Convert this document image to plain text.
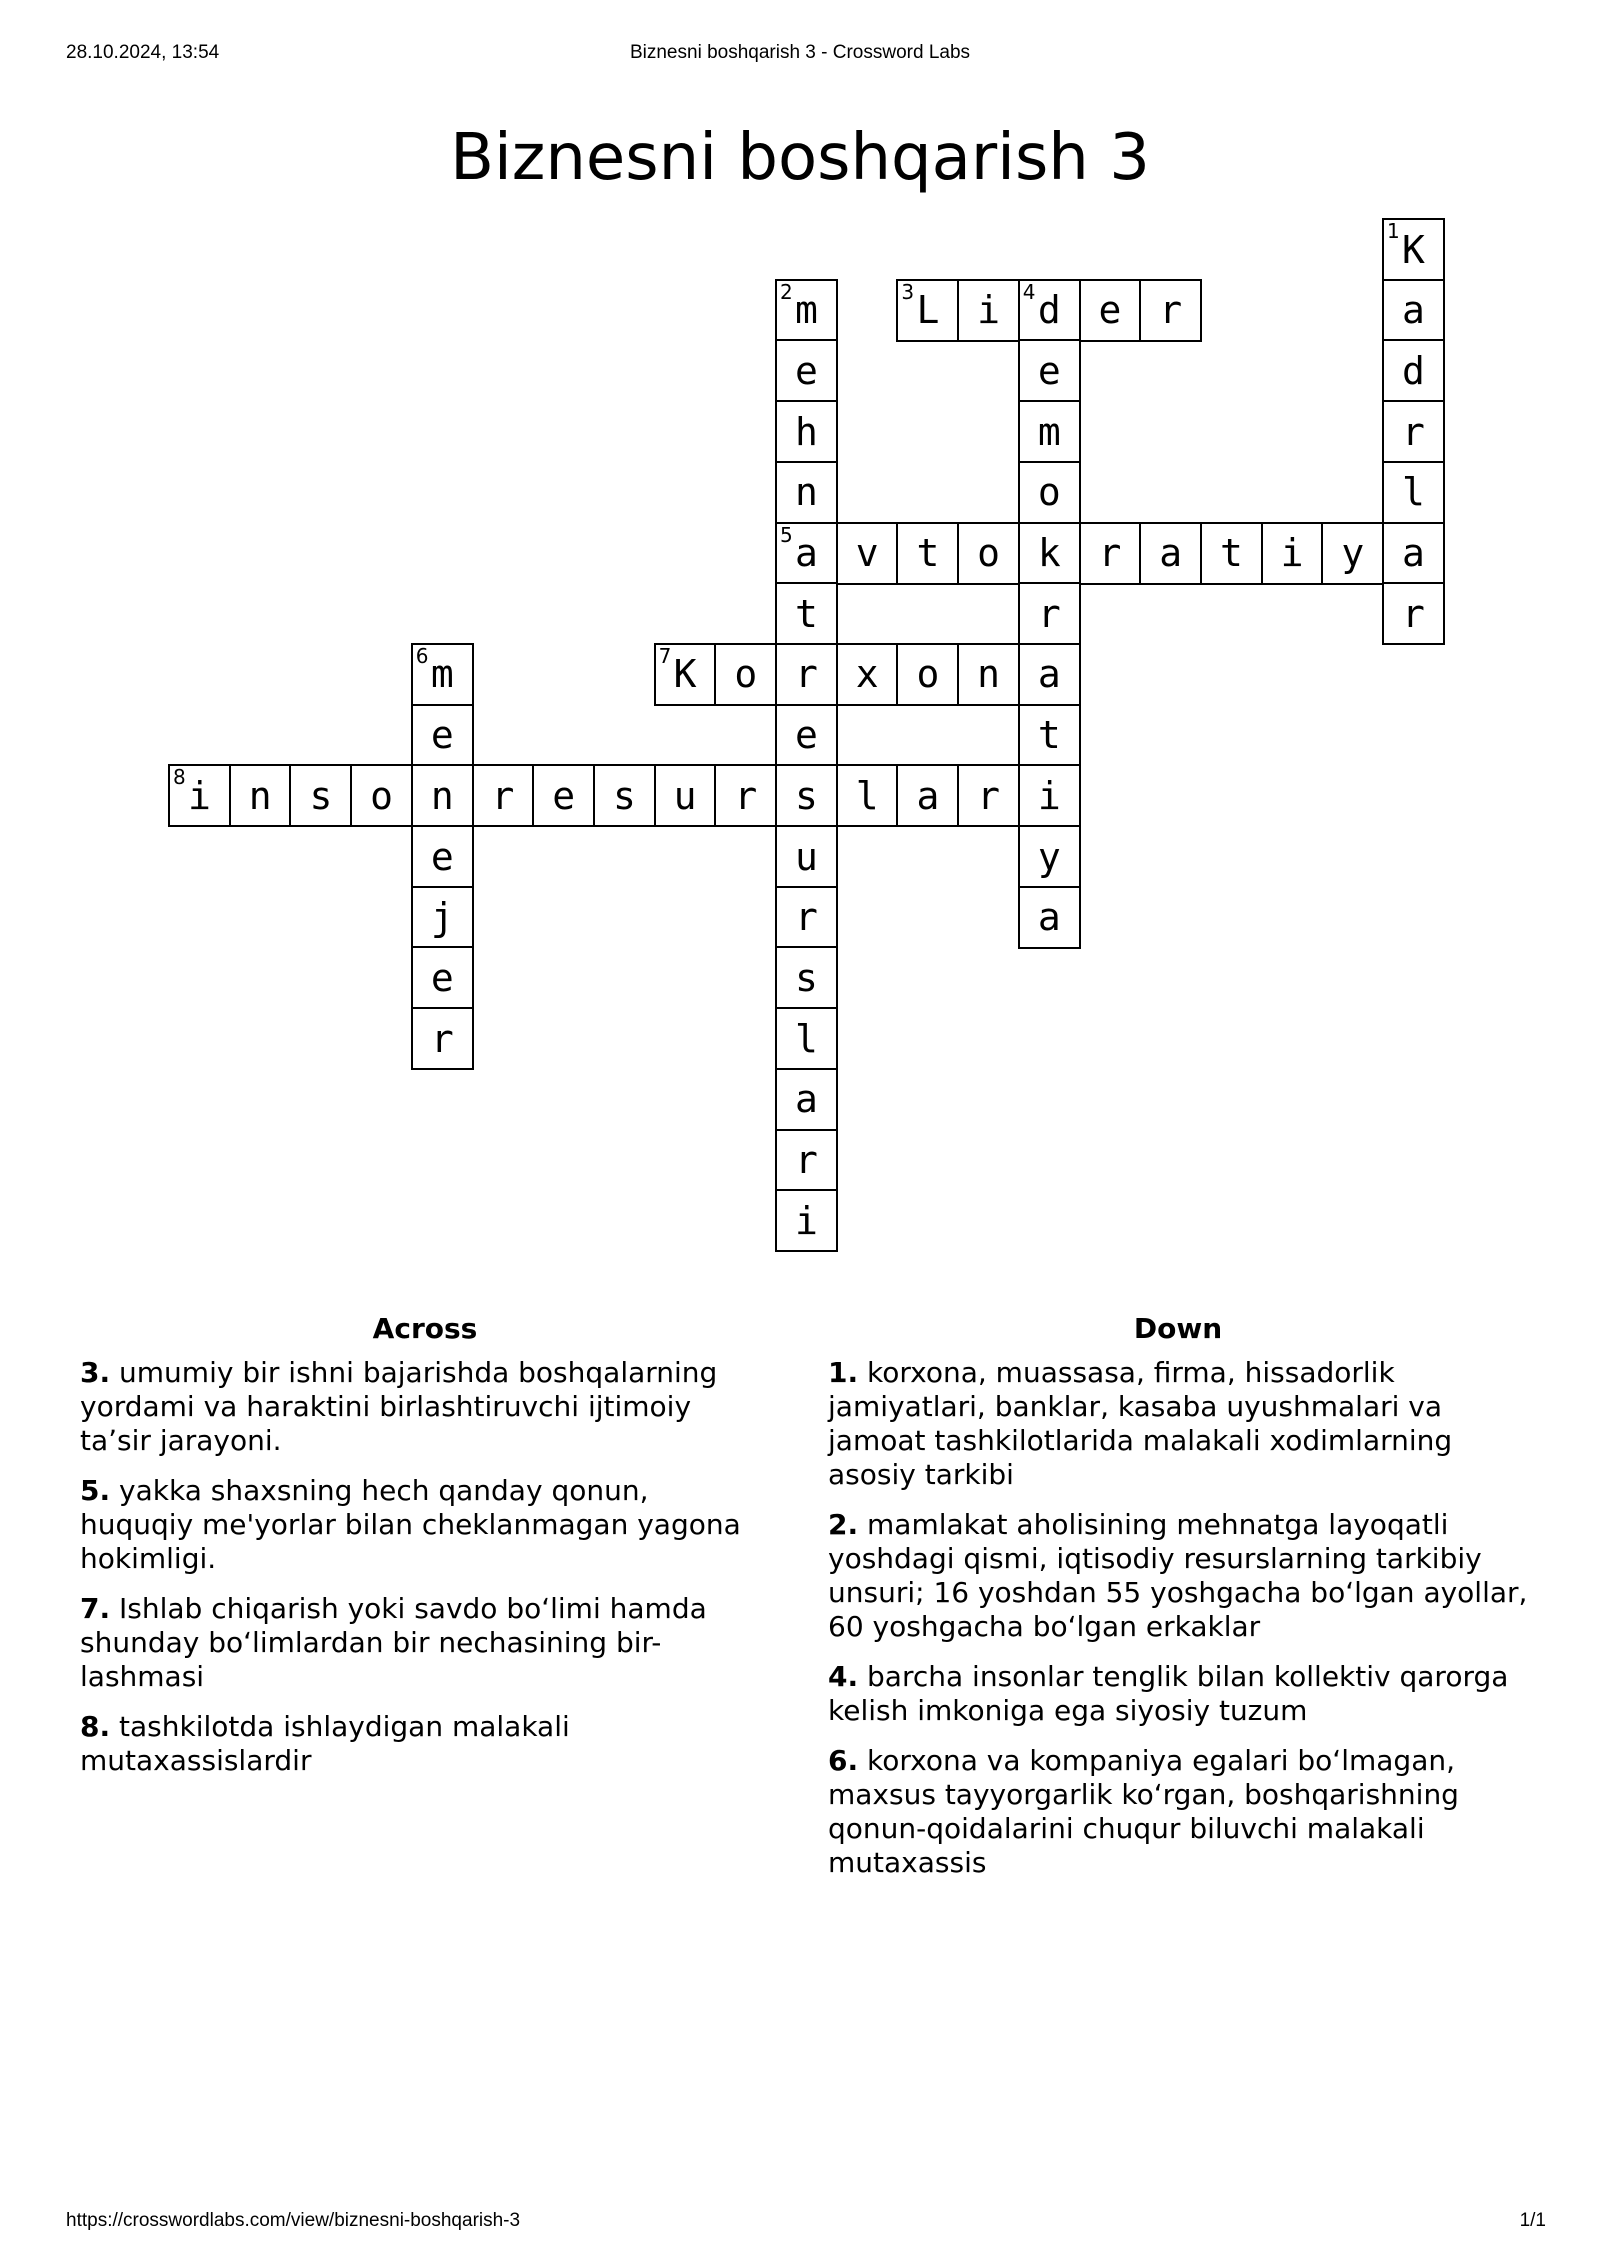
28.10.2024, 13:54	Biznesni boshqarish 3 - Crossword Labs
Biznesni boshqarish 3
K
1
a
d
r
l
a
r
m
2
e
h
n
a
5
t
r
e
s
u
r
s
l
a
r
i
L
3 i d
4 e r
e
m
o
k
r
a
t
i
y
a
v t o	r a t i y
m
6
e
n
e
j
e
r
K
7 o	x o n
i
8 n s o	r e s u r	l a r
Across
3. umumiy bir ishni bajarishda boshqalarning yordami va haraktini birlashtiruvchi ijtimoiy taʼsir jarayoni.
5. yakka shaxsning hech qanday qonun, huquqiy me'yorlar bilan cheklanmagan yagona hokimligi.
7. Ishlab chiqarish yoki savdo boʻlimi hamda shunday boʻlimlardan bir nechasining bir-lashmasi
8. tashkilotda ishlaydigan malakali mutaxassislardir
Down
1. korxona, muassasa, firma, hissadorlik jamiyatlari, banklar, kasaba uyushmalari va jamoat tashkilotlarida malakali xodimlarning asosiy tarkibi
2. mamlakat aholisining mehnatga layoqatli yoshdagi qismi, iqtisodiy resurslarning tarkibiy unsuri; 16 yoshdan 55 yoshgacha boʻlgan ayollar, 60 yoshgacha boʻlgan erkaklar
4. barcha insonlar tenglik bilan kollektiv qarorga kelish imkoniga ega siyosiy tuzum
6. korxona va kompaniya egalari boʻlmagan, maxsus tayyorgarlik koʻrgan, boshqarishning qonun-qoidalarini chuqur biluvchi malakali mutaxassis
https://crosswordlabs.com/view/biznesni-boshqarish-3	1/1
